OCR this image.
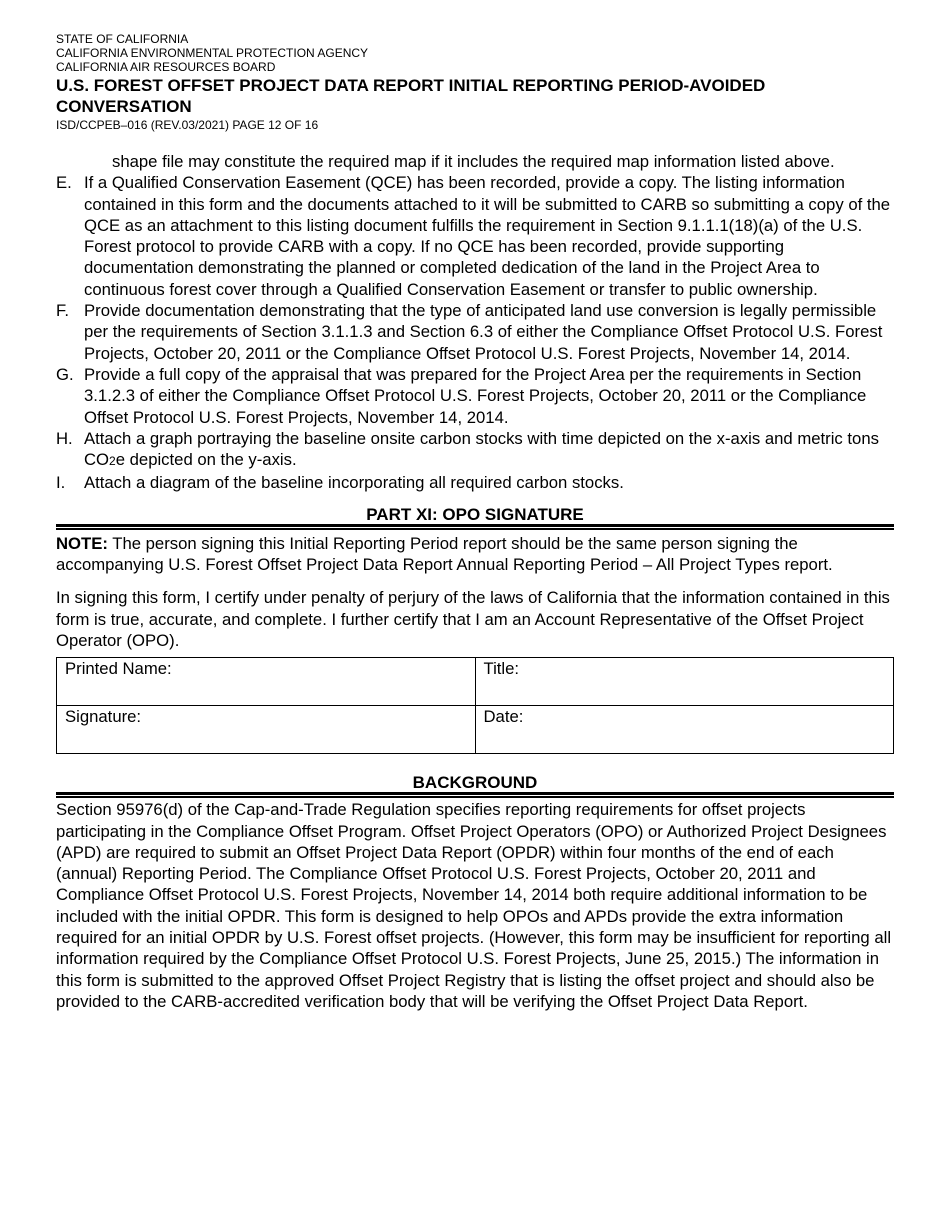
STATE OF CALIFORNIA
CALIFORNIA ENVIRONMENTAL PROTECTION AGENCY
CALIFORNIA AIR RESOURCES BOARD
U.S. FOREST OFFSET PROJECT DATA REPORT INITIAL REPORTING PERIOD-AVOIDED CONVERSATION
ISD/CCPEB–016 (REV.03/2021) PAGE 12 OF 16
shape file may constitute the required map if it includes the required map information listed above.
E. If a Qualified Conservation Easement (QCE) has been recorded, provide a copy. The listing information contained in this form and the documents attached to it will be submitted to CARB so submitting a copy of the QCE as an attachment to this listing document fulfills the requirement in Section 9.1.1.1(18)(a) of the U.S. Forest protocol to provide CARB with a copy. If no QCE has been recorded, provide supporting documentation demonstrating the planned or completed dedication of the land in the Project Area to continuous forest cover through a Qualified Conservation Easement or transfer to public ownership.
F. Provide documentation demonstrating that the type of anticipated land use conversion is legally permissible per the requirements of Section 3.1.1.3 and Section 6.3 of either the Compliance Offset Protocol U.S. Forest Projects, October 20, 2011 or the Compliance Offset Protocol U.S. Forest Projects, November 14, 2014.
G. Provide a full copy of the appraisal that was prepared for the Project Area per the requirements in Section 3.1.2.3 of either the Compliance Offset Protocol U.S. Forest Projects, October 20, 2011 or the Compliance Offset Protocol U.S. Forest Projects, November 14, 2014.
H. Attach a graph portraying the baseline onsite carbon stocks with time depicted on the x-axis and metric tons CO2e depicted on the y-axis.
I.	Attach a diagram of the baseline incorporating all required carbon stocks.
PART XI: OPO SIGNATURE
NOTE: The person signing this Initial Reporting Period report should be the same person signing the accompanying U.S. Forest Offset Project Data Report Annual Reporting Period – All Project Types report.
In signing this form, I certify under penalty of perjury of the laws of California that the information contained in this form is true, accurate, and complete. I further certify that I am an Account Representative of the Offset Project Operator (OPO).
Printed Name:	Title:
Signature:	Date:
BACKGROUND
Section 95976(d) of the Cap-and-Trade Regulation specifies reporting requirements for offset projects participating in the Compliance Offset Program. Offset Project Operators (OPO) or Authorized Project Designees (APD) are required to submit an Offset Project Data Report (OPDR) within four months of the end of each (annual) Reporting Period. The Compliance Offset Protocol U.S. Forest Projects, October 20, 2011 and Compliance Offset Protocol U.S. Forest Projects, November 14, 2014 both require additional information to be included with the initial OPDR. This form is designed to help OPOs and APDs provide the extra information required for an initial OPDR by U.S. Forest offset projects. (However, this form may be insufficient for reporting all information required by the Compliance Offset Protocol U.S. Forest Projects, June 25, 2015.) The information in this form is submitted to the approved Offset Project Registry that is listing the offset project and should also be provided to the CARB-accredited verification body that will be verifying the Offset Project Data Report.
